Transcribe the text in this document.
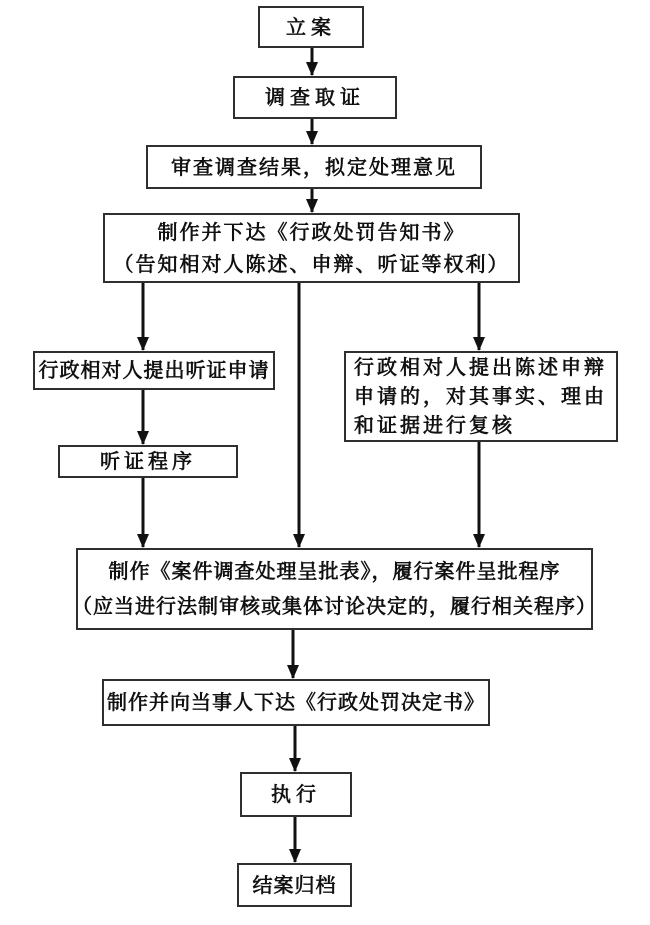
立案
调查取证
审查调查结果，拟定处理意见
制作并下达《行政处罚告知书》
（告知相对人陈述、申辩、听证等权利）
行政相对人提出听证申请
听证程序
行政相对人提出陈述申辩申请的，对其事实、理由和证据进行复核
制作《案件调查处理呈批表》，履行案件呈批程序
（应当进行法制审核或集体讨论决定的，履行相关程序）
制作并向当事人下达《行政处罚决定书》
执行
结案归档
